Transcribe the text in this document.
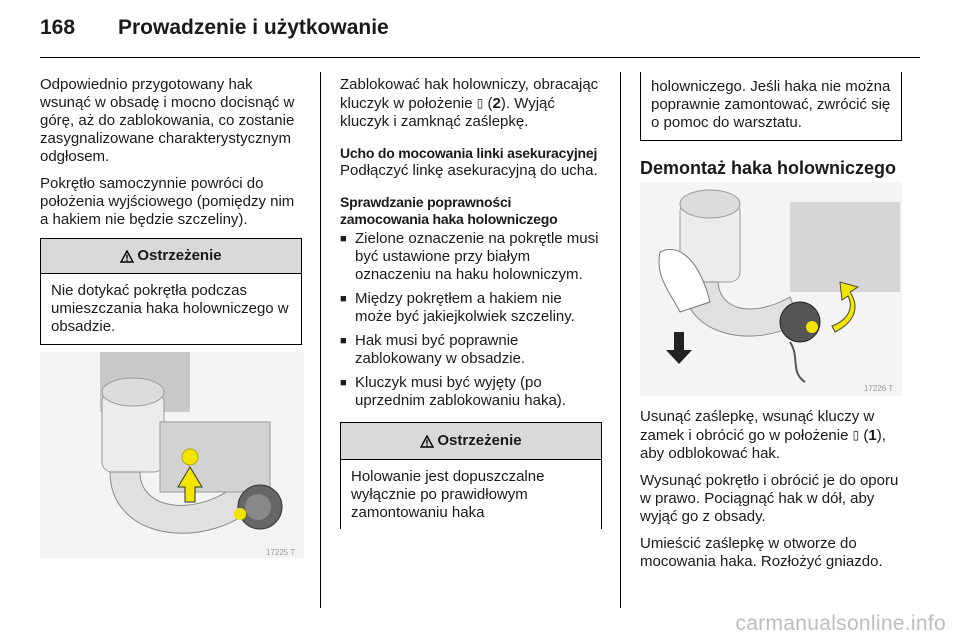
168 Prowadzenie i użytkowanie

Odpowiednio przygotowany hak wsunąć w obsadę i mocno docisnąć w górę, aż do zablokowania, co zostanie zasygnalizowane charakterystycznym odgłosem.

Pokrętło samoczynnie powróci do położenia wyjściowego (pomiędzy nim a hakiem nie będzie szczeliny).

Ostrzeżenie
Nie dotykać pokrętła podczas umieszczania haka holowniczego w obsadzie.
17225 T

Zablokować hak holowniczy, obracając kluczyk w położenie ▯ (2). Wyjąć kluczyk i zamknąć zaślepkę.

Ucho do mocowania linki asekuracyjnej

Podłączyć linkę asekuracyjną do ucha.

Sprawdzanie poprawności zamocowania haka holowniczego
■ Zielone oznaczenie na pokrętle musi być ustawione przy białym oznaczeniu na haku holowniczym.
■ Między pokrętłem a hakiem nie może być jakiejkolwiek szczeliny.
■ Hak musi być poprawnie zablokowany w obsadzie.
■ Kluczyk musi być wyjęty (po uprzednim zablokowaniu haka).
Ostrzeżenie
Holowanie jest dopuszczalne wyłącznie po prawidłowym zamontowaniu haka
holowniczego. Jeśli haka nie można poprawnie zamontować, zwrócić się o pomoc do warsztatu.
Demontaż haka holowniczego
17226 T

Usunąć zaślepkę, wsunąć kluczy w zamek i obrócić go w położenie ▯ (1), aby odblokować hak.

Wysunąć pokrętło i obrócić je do oporu w prawo. Pociągnąć hak w dół, aby wyjąć go z obsady.

Umieścić zaślepkę w otworze do mocowania haka. Rozłożyć gniazdo.

carmanualsonline.info
